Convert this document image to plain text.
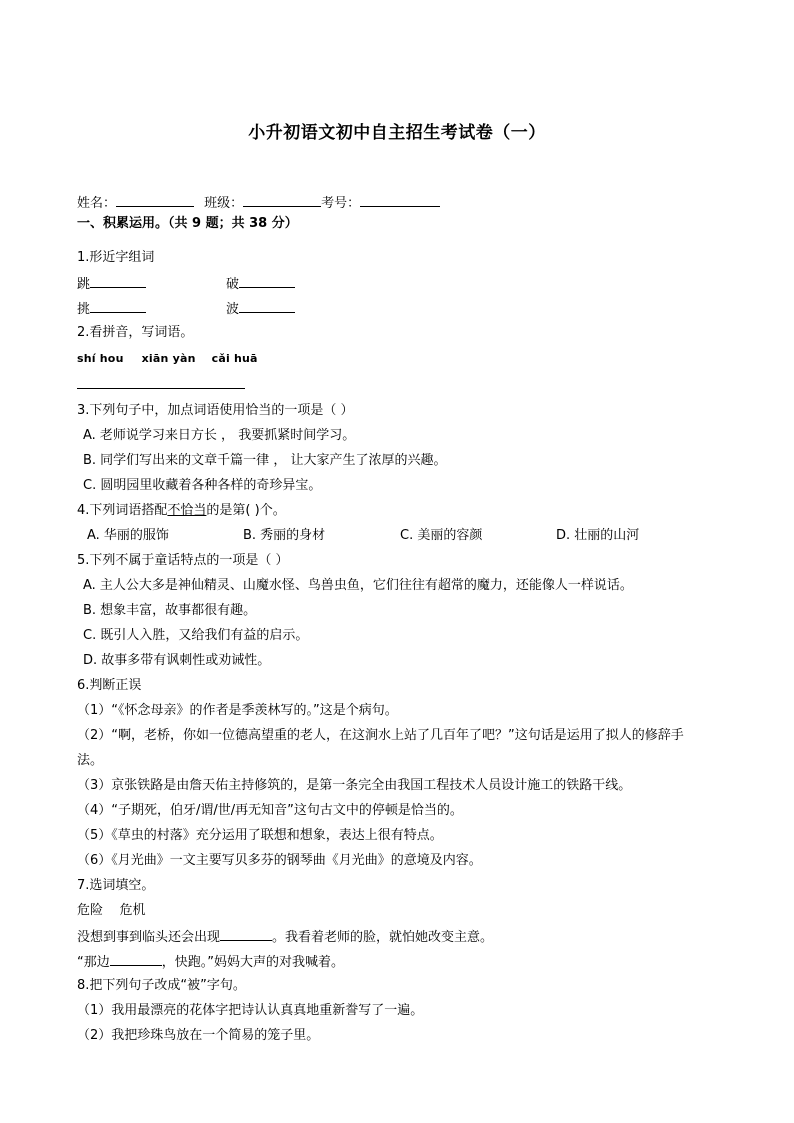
小升初语文初中自主招生考试卷（一）
姓名：	班级：	考号：
一、积累运用。（共 9 题；共 38 分）
1.形近字组词
跳	破
挑	波
2.看拼音，写词语。
shí hou xiān yàn cǎi huā
3.下列句子中，加点词语使用恰当的一项是（ ）
A. 老师说学习来日方长 ， 我要抓紧时间学习。
B. 同学们写出来的文章千篇一律 ， 让大家产生了浓厚的兴趣。
C. 圆明园里收藏着各种各样的奇珍异宝。
4.下列词语搭配不恰当的是第( )个。
A. 华丽的服饰	B. 秀丽的身材	C. 美丽的容颜	D. 壮丽的山河
5.下列不属于童话特点的一项是（ ）
A. 主人公大多是神仙精灵、山魔水怪、鸟兽虫鱼，它们往往有超常的魔力，还能像人一样说话。
B. 想象丰富，故事都很有趣。
C. 既引人入胜，又给我们有益的启示。
D. 故事多带有讽刺性或劝诫性。
6.判断正误
（1）“《怀念母亲》的作者是季羡林写的。”这是个病句。
（2）“啊，老桥，你如一位德高望重的老人，在这涧水上站了几百年了吧？”这句话是运用了拟人的修辞手
法。
（3）京张铁路是由詹天佑主持修筑的，是第一条完全由我国工程技术人员设计施工的铁路干线。
（4）“子期死，伯牙/谓/世/再无知音”这句古文中的停顿是恰当的。
（5）《草虫的村落》充分运用了联想和想象，表达上很有特点。
（6）《月光曲》一文主要写贝多芬的钢琴曲《月光曲》的意境及内容。
7.选词填空。
危险    危机
没想到事到临头还会出现	。我看着老师的脸，就怕她改变主意。
“那边	，快跑。”妈妈大声的对我喊着。
8.把下列句子改成“被”字句。
（1）我用最漂亮的花体字把诗认认真真地重新誊写了一遍。
（2）我把珍珠鸟放在一个简易的笼子里。
